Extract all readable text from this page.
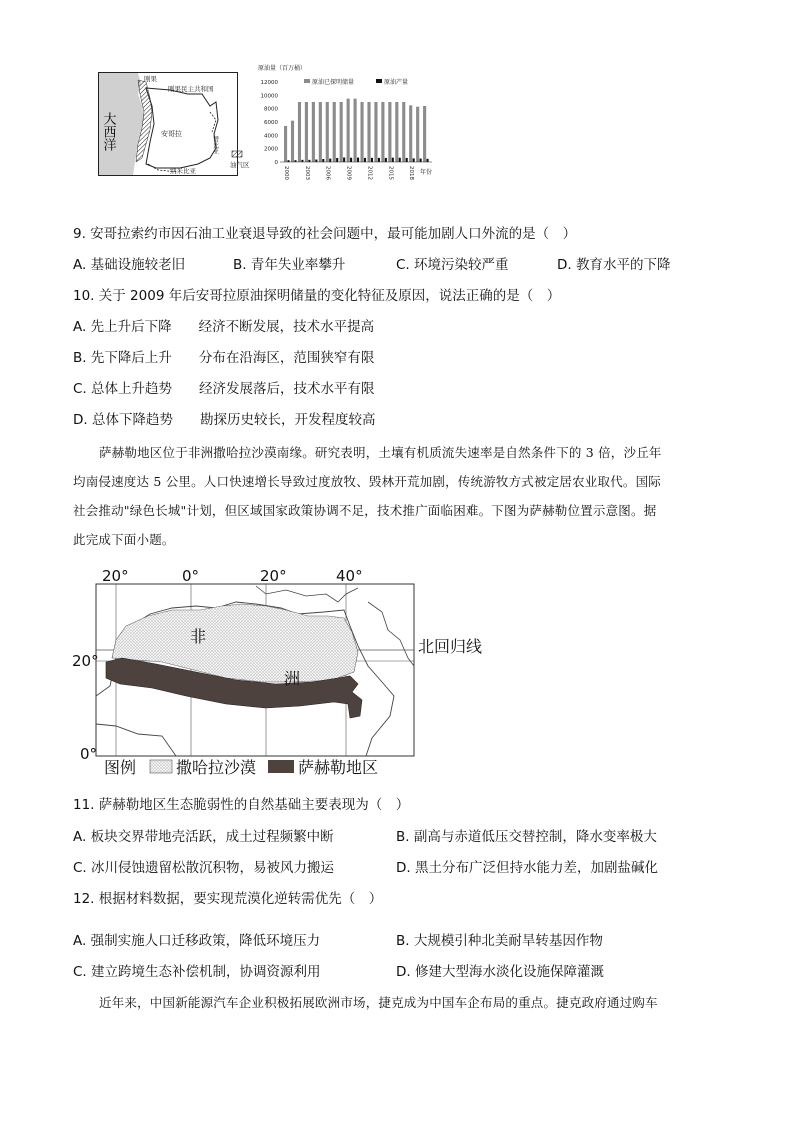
大西洋
刚果
刚果民主共和国
安哥拉
赞比亚
纳米比亚
油气区
原油量（百万桶）
12000
10000
8000
6000
4000
2000
0
2000	2003	2006	2009	2012	2015	2018
原油已探明储量	原油产量
年份
9. 安哥拉索约市因石油工业衰退导致的社会问题中，最可能加剧人口外流的是（　）
A. 基础设施较老旧	B. 青年失业率攀升	C. 环境污染较严重	D. 教育水平的下降
10. 关于 2009 年后安哥拉原油探明储量的变化特征及原因，说法正确的是（　）
A. 先上升后下降　　经济不断发展，技术水平提高
B. 先下降后上升　　分布在沿海区，范围狭窄有限
C. 总体上升趋势　　经济发展落后，技术水平有限
D. 总体下降趋势　　勘探历史较长，开发程度较高
萨赫勒地区位于非洲撒哈拉沙漠南缘。研究表明，土壤有机质流失速率是自然条件下的 3 倍，沙丘年
均南侵速度达 5 公里。人口快速增长导致过度放牧、毁林开荒加剧，传统游牧方式被定居农业取代。国际
社会推动"绿色长城"计划，但区域国家政策协调不足，技术推广面临困难。下图为萨赫勒位置示意图。据
此完成下面小题。
20°	0°	20°	40°
20°
0°
北回归线
非
洲
图例 撒哈拉沙漠	萨赫勒地区
11. 萨赫勒地区生态脆弱性的自然基础主要表现为（　）
A. 板块交界带地壳活跃，成土过程频繁中断	B. 副高与赤道低压交替控制，降水变率极大
C. 冰川侵蚀遗留松散沉积物，易被风力搬运	D. 黑土分布广泛但持水能力差，加剧盐碱化
12. 根据材料数据，要实现荒漠化逆转需优先（　）
A. 强制实施人口迁移政策，降低环境压力	B. 大规模引种北美耐旱转基因作物
C. 建立跨境生态补偿机制，协调资源利用	D. 修建大型海水淡化设施保障灌溉
近年来，中国新能源汽车企业积极拓展欧洲市场，捷克成为中国车企布局的重点。捷克政府通过购车
